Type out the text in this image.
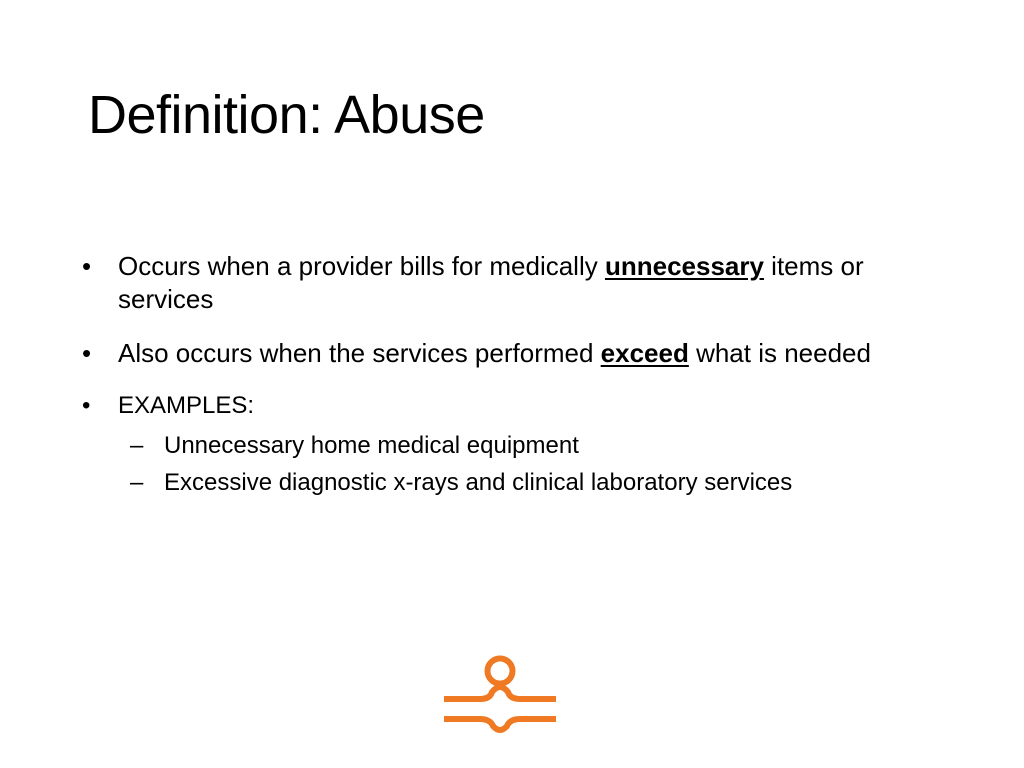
Definition: Abuse
• Occurs when a provider bills for medically unnecessary items or services
• Also occurs when the services performed exceed what is needed
• EXAMPLES:
– Unnecessary home medical equipment
– Excessive diagnostic x-rays and clinical laboratory services
